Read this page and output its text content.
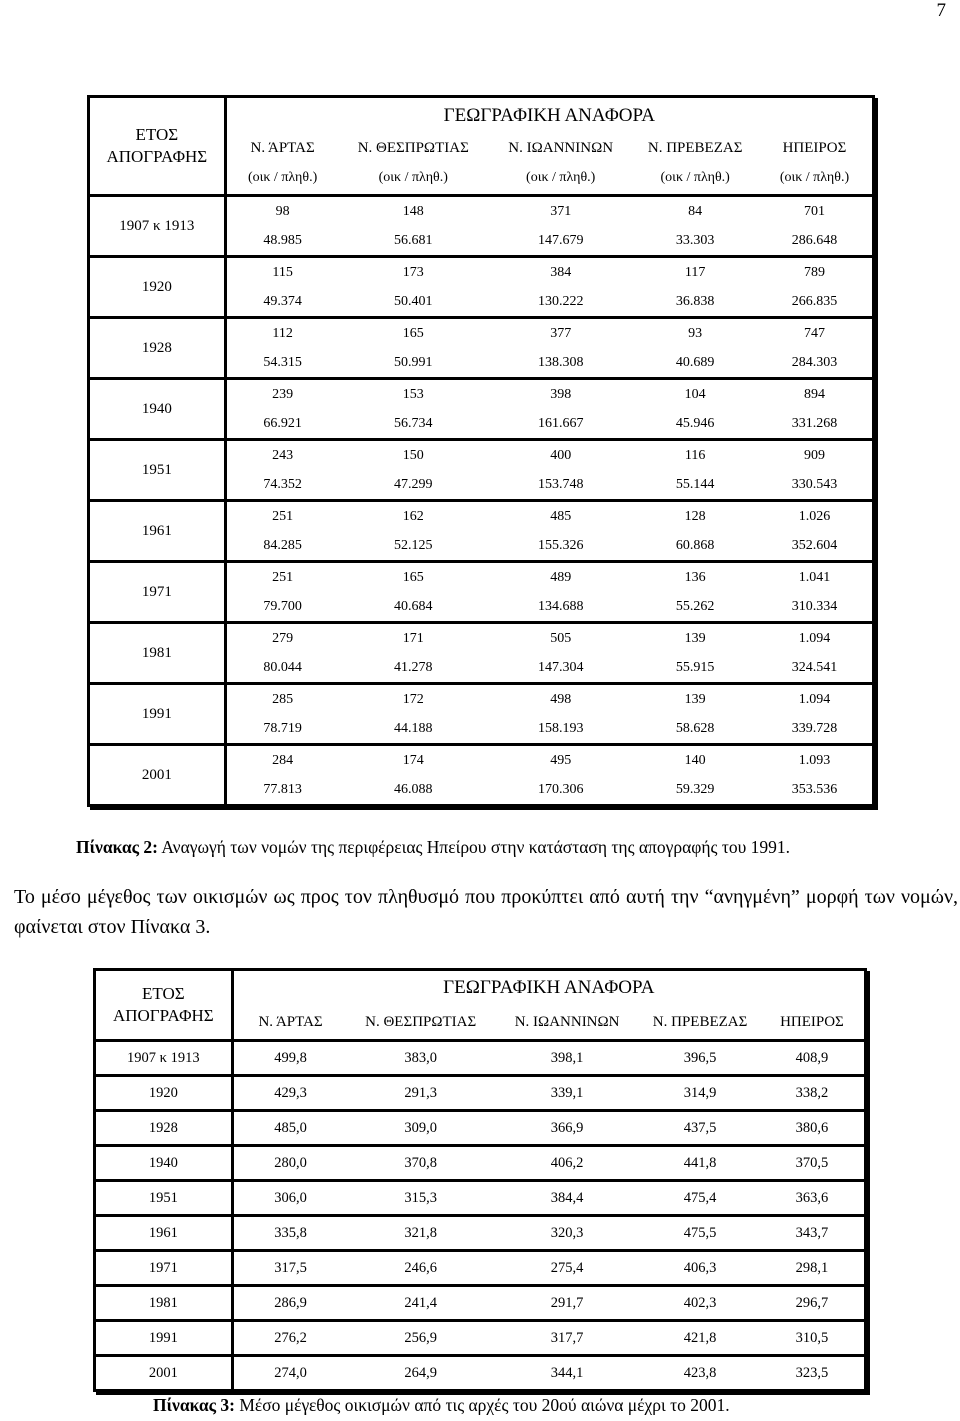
7
ΕΤΟΣ
ΑΠΟΓΡΑΦΗΣ	ΓΕΩΓΡΑΦΙΚΗ ΑΝΑΦΟΡΑ				
	Ν. ΆΡΤΑΣ	Ν. ΘΕΣΠΡΩΤΙΑΣ	Ν. ΙΩΑΝΝΙΝΩΝ	Ν. ΠΡΕΒΕΖΑΣ	ΗΠΕΙΡΟΣ
	(οικ / πληθ.)	(οικ / πληθ.)	(οικ / πληθ.)	(οικ / πληθ.)	(οικ / πληθ.)
1907 κ 1913	98	148	371	84	701
	48.985	56.681	147.679	33.303	286.648
1920	115	173	384	117	789
	49.374	50.401	130.222	36.838	266.835
1928	112	165	377	93	747
	54.315	50.991	138.308	40.689	284.303
1940	239	153	398	104	894
	66.921	56.734	161.667	45.946	331.268
1951	243	150	400	116	909
	74.352	47.299	153.748	55.144	330.543
1961	251	162	485	128	1.026
	84.285	52.125	155.326	60.868	352.604
1971	251	165	489	136	1.041
	79.700	40.684	134.688	55.262	310.334
1981	279	171	505	139	1.094
	80.044	41.278	147.304	55.915	324.541
1991	285	172	498	139	1.094
	78.719	44.188	158.193	58.628	339.728
2001	284	174	495	140	1.093
	77.813	46.088	170.306	59.329	353.536
Πίνακας 2: Αναγωγή των νομών της περιφέρειας Ηπείρου στην κατάσταση της απογραφής του 1991.
Το μέσο μέγεθος των οικισμών ως προς τον πληθυσμό που προκύπτει από αυτή την “ανηγμένη” μορφή των νομών, φαίνεται στον Πίνακα 3.
ΕΤΟΣ
ΑΠΟΓΡΑΦΗΣ	ΓΕΩΓΡΑΦΙΚΗ ΑΝΑΦΟΡΑ				
	Ν. ΆΡΤΑΣ	Ν. ΘΕΣΠΡΩΤΙΑΣ	Ν. ΙΩΑΝΝΙΝΩΝ	Ν. ΠΡΕΒΕΖΑΣ	ΗΠΕΙΡΟΣ
1907 κ 1913	499,8	383,0	398,1	396,5	408,9
1920	429,3	291,3	339,1	314,9	338,2
1928	485,0	309,0	366,9	437,5	380,6
1940	280,0	370,8	406,2	441,8	370,5
1951	306,0	315,3	384,4	475,4	363,6
1961	335,8	321,8	320,3	475,5	343,7
1971	317,5	246,6	275,4	406,3	298,1
1981	286,9	241,4	291,7	402,3	296,7
1991	276,2	256,9	317,7	421,8	310,5
2001	274,0	264,9	344,1	423,8	323,5
Πίνακας 3: Μέσο μέγεθος οικισμών από τις αρχές του 20ού αιώνα μέχρι το 2001.
